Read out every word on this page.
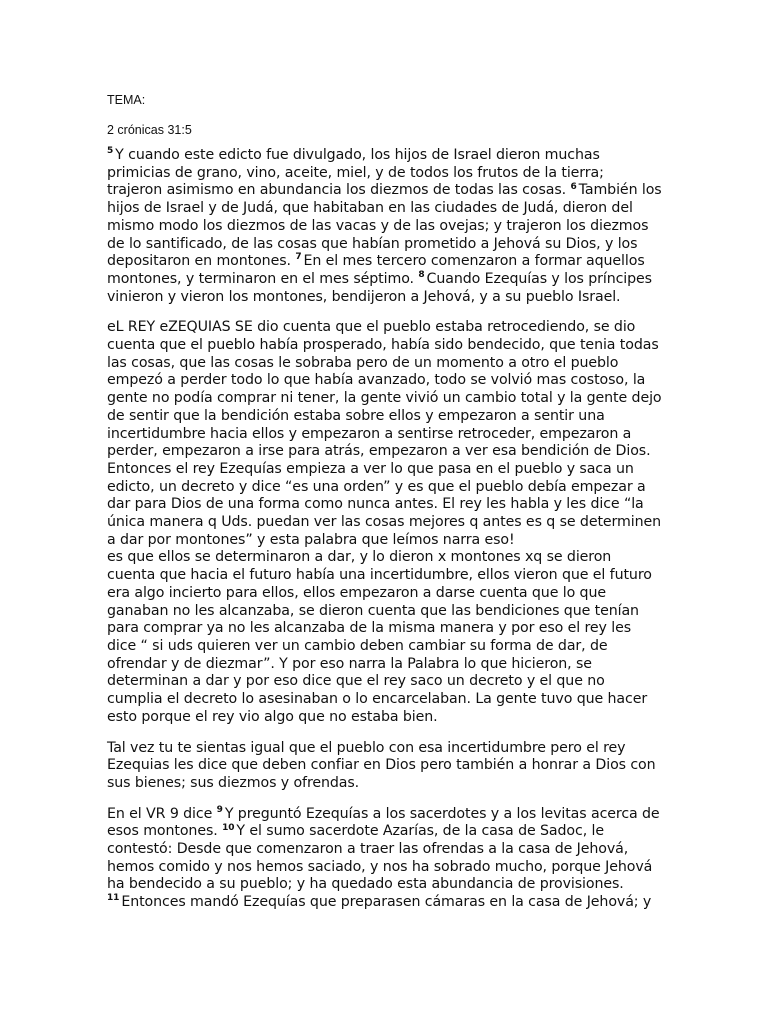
TEMA:

2 crónicas 31:5

$^5$ Y cuando este edicto fue divulgado, los hijos de Israel dieron muchas primicias de grano, vino, aceite, miel, y de todos los frutos de la tierra; trajeron asimismo en abundancia los diezmos de todas las cosas. $^6$ También los hijos de Israel y de Judá, que habitaban en las ciudades de Judá, dieron del mismo modo los diezmos de las vacas y de las ovejas; y trajeron los diezmos de lo santificado, de las cosas que habían prometido a Jehová su Dios, y los depositaron en montones. $^7$ En el mes tercero comenzaron a formar aquellos montones, y terminaron en el mes séptimo. $^8$ Cuando Ezequías y los príncipes vinieron y vieron los montones, bendijeron a Jehová, y a su pueblo Israel.

eL REY eZEQUIAS SE dio cuenta que el pueblo estaba retrocediendo, se dio cuenta que el pueblo había prosperado, había sido bendecido, que tenia todas las cosas, que las cosas le sobraba pero de un momento a otro el pueblo empezó a perder todo lo que había avanzado, todo se volvió mas costoso, la gente no podía comprar ni tener, la gente vivió un cambio total y la gente dejo de sentir que la bendición estaba sobre ellos y empezaron a sentir una incertidumbre hacia ellos y empezaron a sentirse retroceder, empezaron a perder, empezaron a irse para atrás, empezaron a ver esa bendición de Dios. Entonces el rey Ezequías empieza a ver lo que pasa en el pueblo y saca un edicto, un decreto y dice “es una orden” y es que el pueblo debía empezar a dar para Dios de una forma como nunca antes. El rey les habla y les dice “la única manera q Uds. puedan ver las cosas mejores q antes es q se determinen a dar por montones” y esta palabra que leímos narra eso!

es que ellos se determinaron a dar, y lo dieron x montones xq se dieron cuenta que hacia el futuro había una incertidumbre, ellos vieron que el futuro era algo incierto para ellos, ellos empezaron a darse cuenta que lo que ganaban no les alcanzaba, se dieron cuenta que las bendiciones que tenían para comprar ya no les alcanzaba de la misma manera y por eso el rey les dice “ si uds quieren ver un cambio deben cambiar su forma de dar, de ofrendar y de diezmar”. Y por eso narra la Palabra lo que hicieron, se determinan a dar y por eso dice que el rey saco un decreto y el que no cumplia el decreto lo asesinaban o lo encarcelaban. La gente tuvo que hacer esto porque el rey vio algo que no estaba bien.

Tal vez tu te sientas igual que el pueblo con esa incertidumbre pero el rey Ezequias les dice que deben confiar en Dios pero también a honrar a Dios con sus bienes; sus diezmos y ofrendas.

En el VR 9 dice $^9$ Y preguntó Ezequías a los sacerdotes y a los levitas acerca de esos montones. $^{10}$ Y el sumo sacerdote Azarías, de la casa de Sadoc, le contestó: Desde que comenzaron a traer las ofrendas a la casa de Jehová, hemos comido y nos hemos saciado, y nos ha sobrado mucho, porque Jehová ha bendecido a su pueblo; y ha quedado esta abundancia de provisiones.
$^{11}$ Entonces mandó Ezequías que preparasen cámaras en la casa de Jehová; y
